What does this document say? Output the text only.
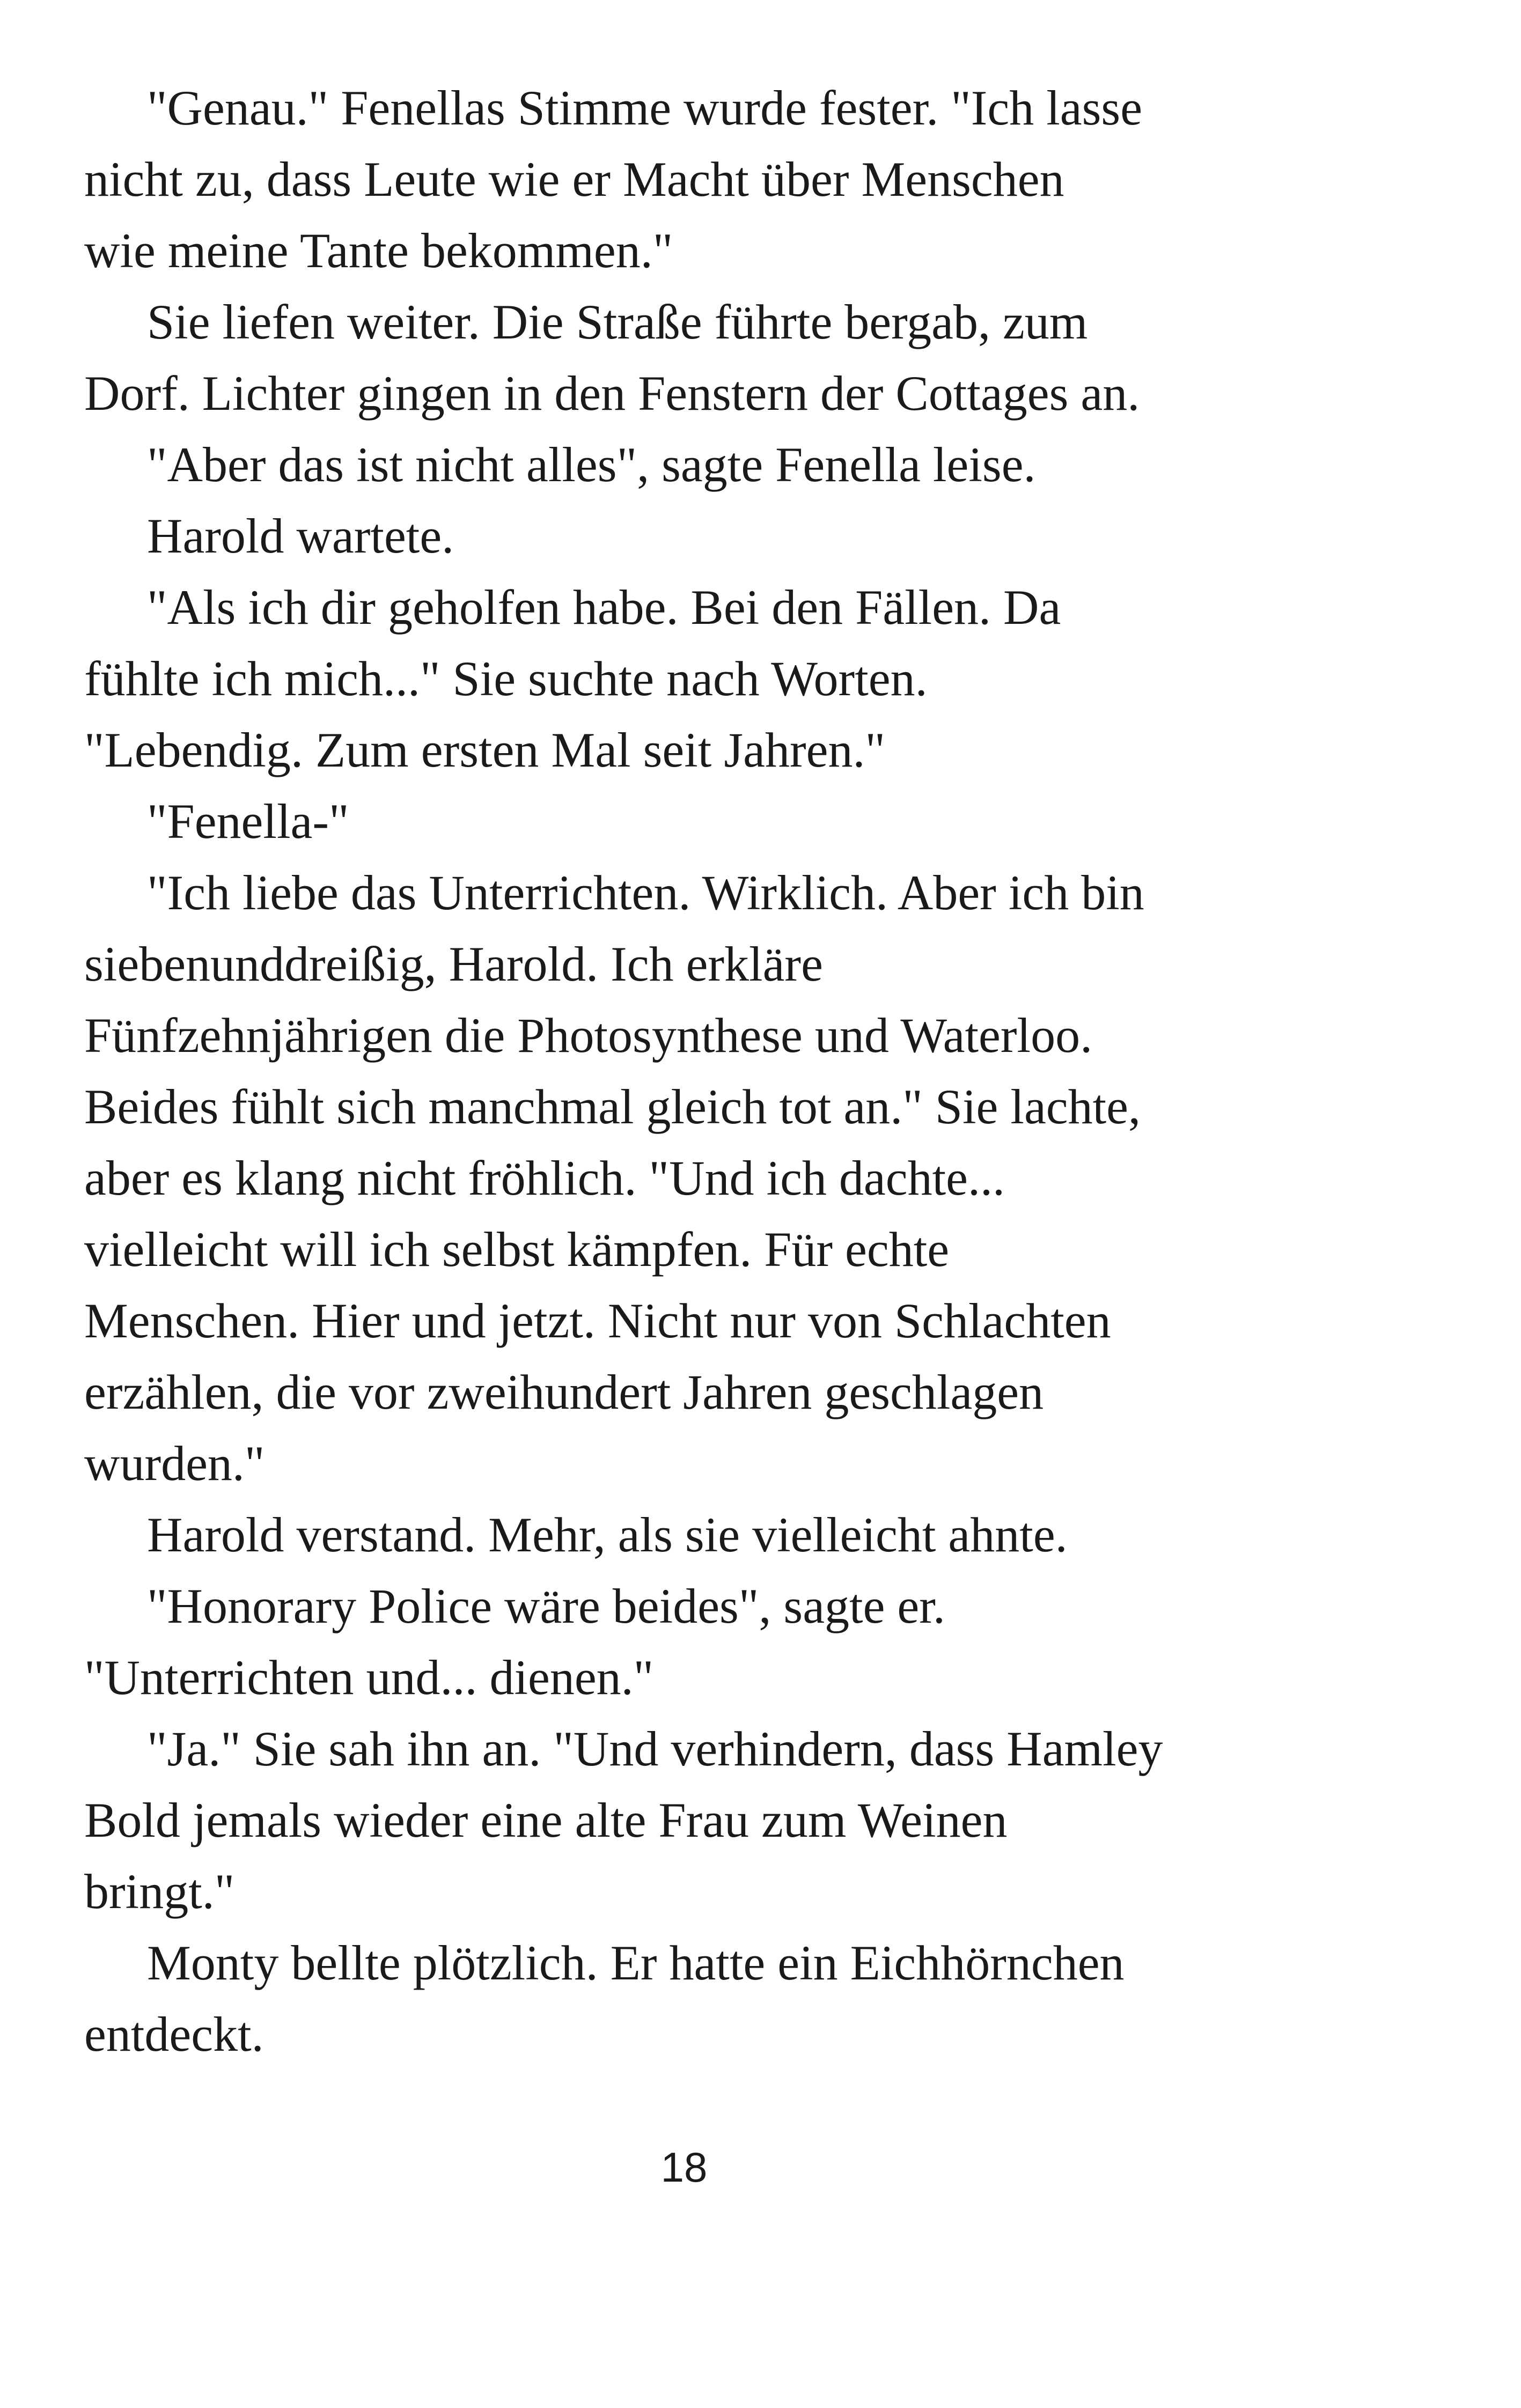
"Genau." Fenellas Stimme wurde fester. "Ich lasse
nicht zu, dass Leute wie er Macht über Menschen
wie meine Tante bekommen."

Sie liefen weiter. Die Straße führte bergab, zum
Dorf. Lichter gingen in den Fenstern der Cottages an.

"Aber das ist nicht alles", sagte Fenella leise.

Harold wartete.

"Als ich dir geholfen habe. Bei den Fällen. Da
fühlte ich mich..." Sie suchte nach Worten.
"Lebendig. Zum ersten Mal seit Jahren."

"Fenella-"

"Ich liebe das Unterrichten. Wirklich. Aber ich bin
siebenunddreißig, Harold. Ich erkläre
Fünfzehnjährigen die Photosynthese und Waterloo.
Beides fühlt sich manchmal gleich tot an." Sie lachte,
aber es klang nicht fröhlich. "Und ich dachte...
vielleicht will ich selbst kämpfen. Für echte
Menschen. Hier und jetzt. Nicht nur von Schlachten
erzählen, die vor zweihundert Jahren geschlagen
wurden."

Harold verstand. Mehr, als sie vielleicht ahnte.

"Honorary Police wäre beides", sagte er.
"Unterrichten und... dienen."

"Ja." Sie sah ihn an. "Und verhindern, dass Hamley
Bold jemals wieder eine alte Frau zum Weinen
bringt."

Monty bellte plötzlich. Er hatte ein Eichhörnchen
entdeckt.

18
